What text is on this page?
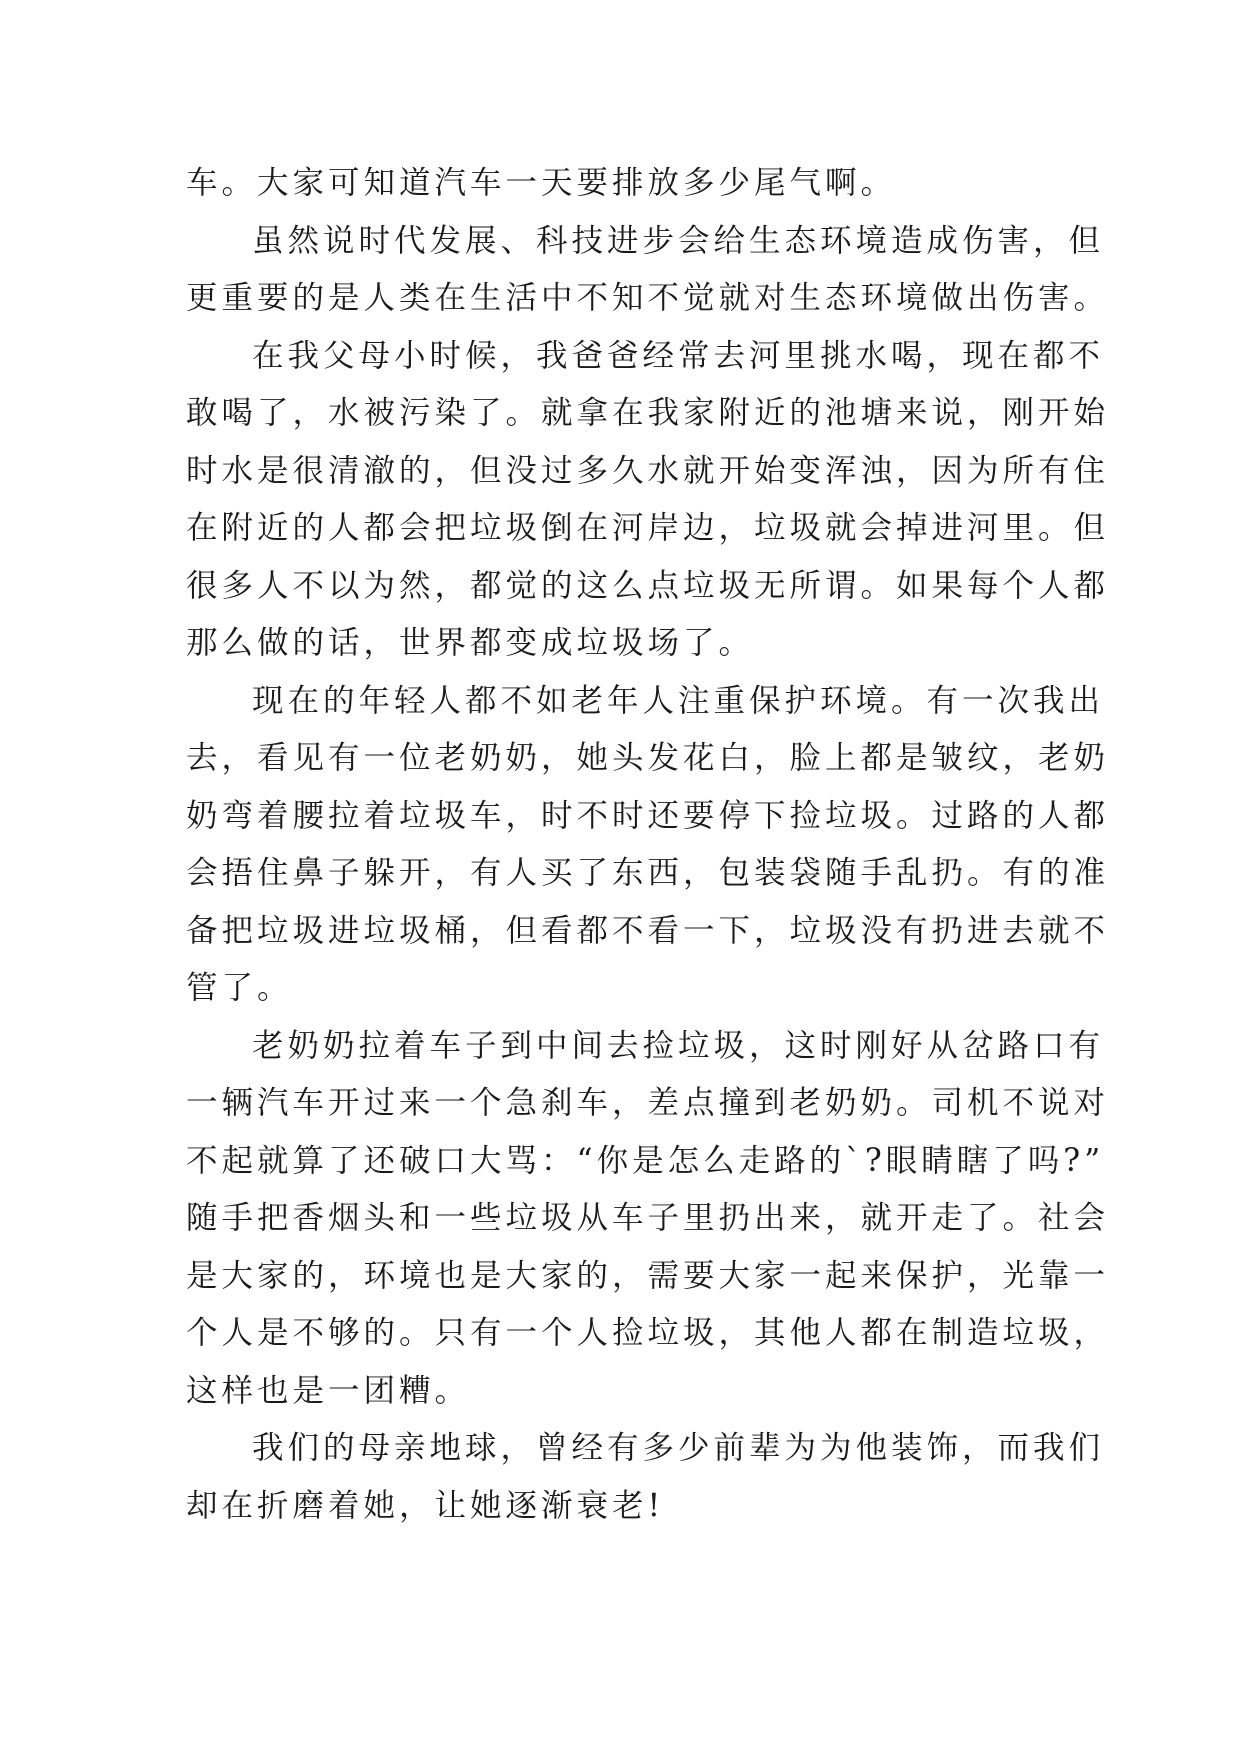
车。大家可知道汽车一天要排放多少尾气啊。
虽然说时代发展、科技进步会给生态环境造成伤害，但
更重要的是人类在生活中不知不觉就对生态环境做出伤害。
在我父母小时候，我爸爸经常去河里挑水喝，现在都不
敢喝了，水被污染了。就拿在我家附近的池塘来说，刚开始
时水是很清澈的，但没过多久水就开始变浑浊，因为所有住
在附近的人都会把垃圾倒在河岸边，垃圾就会掉进河里。但
很多人不以为然，都觉的这么点垃圾无所谓。如果每个人都
那么做的话，世界都变成垃圾场了。
现在的年轻人都不如老年人注重保护环境。有一次我出
去，看见有一位老奶奶，她头发花白，脸上都是皱纹，老奶
奶弯着腰拉着垃圾车，时不时还要停下捡垃圾。过路的人都
会捂住鼻子躲开，有人买了东西，包装袋随手乱扔。有的准
备把垃圾进垃圾桶，但看都不看一下，垃圾没有扔进去就不
管了。
老奶奶拉着车子到中间去捡垃圾，这时刚好从岔路口有
一辆汽车开过来一个急刹车，差点撞到老奶奶。司机不说对
不起就算了还破口大骂：“你是怎么走路的`?眼睛瞎了吗?”
随手把香烟头和一些垃圾从车子里扔出来，就开走了。社会
是大家的，环境也是大家的，需要大家一起来保护，光靠一
个人是不够的。只有一个人捡垃圾，其他人都在制造垃圾，
这样也是一团糟。
我们的母亲地球，曾经有多少前辈为为他装饰，而我们
却在折磨着她，让她逐渐衰老!
